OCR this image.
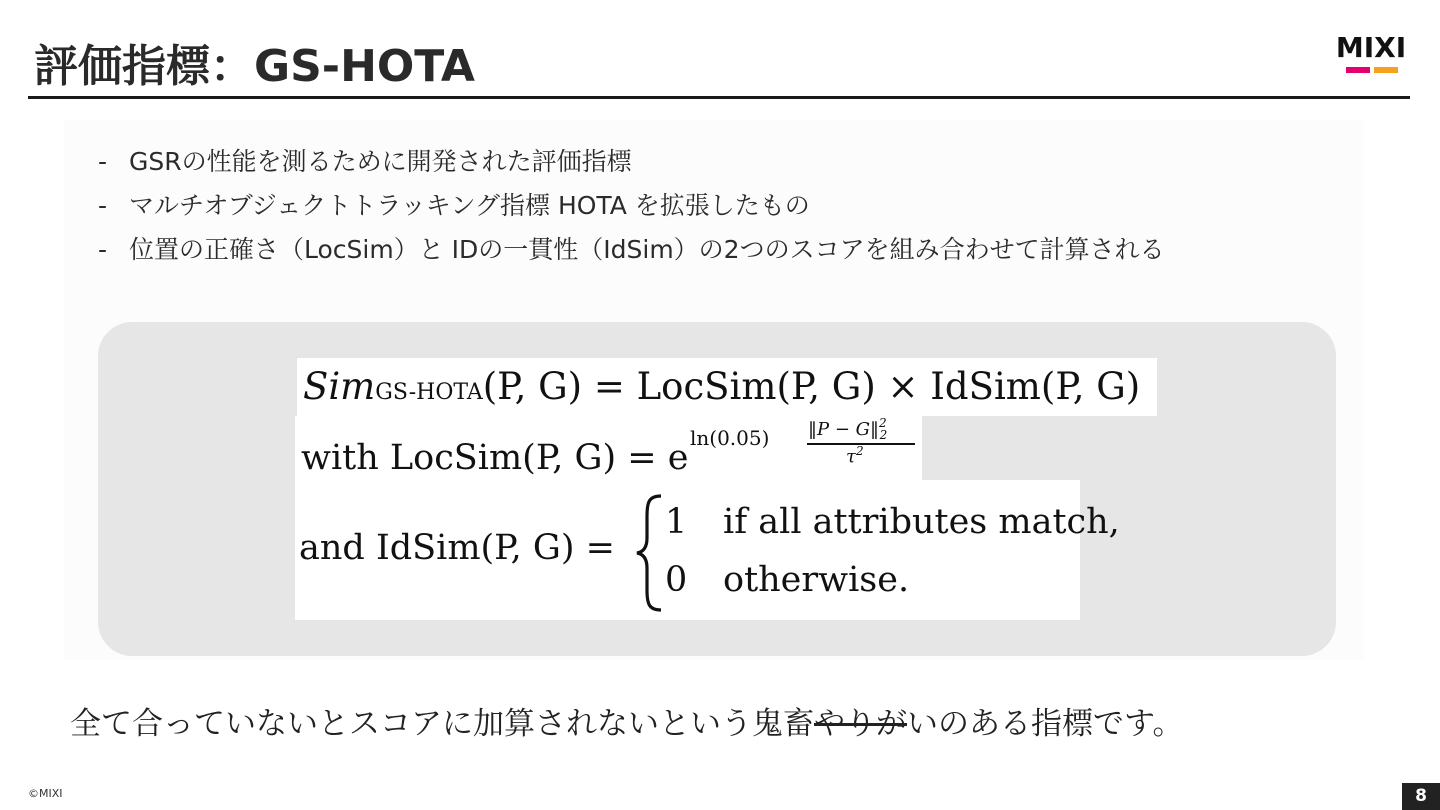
評価指標：GS-HOTA	MIXI
- GSRの性能を測るために開発された評価指標
- マルチオブジェクトトラッキング指標 HOTA を拡張したもの
- 位置の正確さ（LocSim）と IDの一貫性（IdSim）の2つのスコアを組み合わせて計算される
SimGS-HOTA(P, G) = LocSim(P, G) × IdSim(P, G)
with LocSim(P, G) = e ln(0.05) ‖P − G‖$^2_2$
$\tau^2$
and IdSim(P, G) =
1 if all attributes match,
0 otherwise.
全て合っていないとスコアに加算されないという鬼畜やりがいのある指標です。
©MIXI	8
